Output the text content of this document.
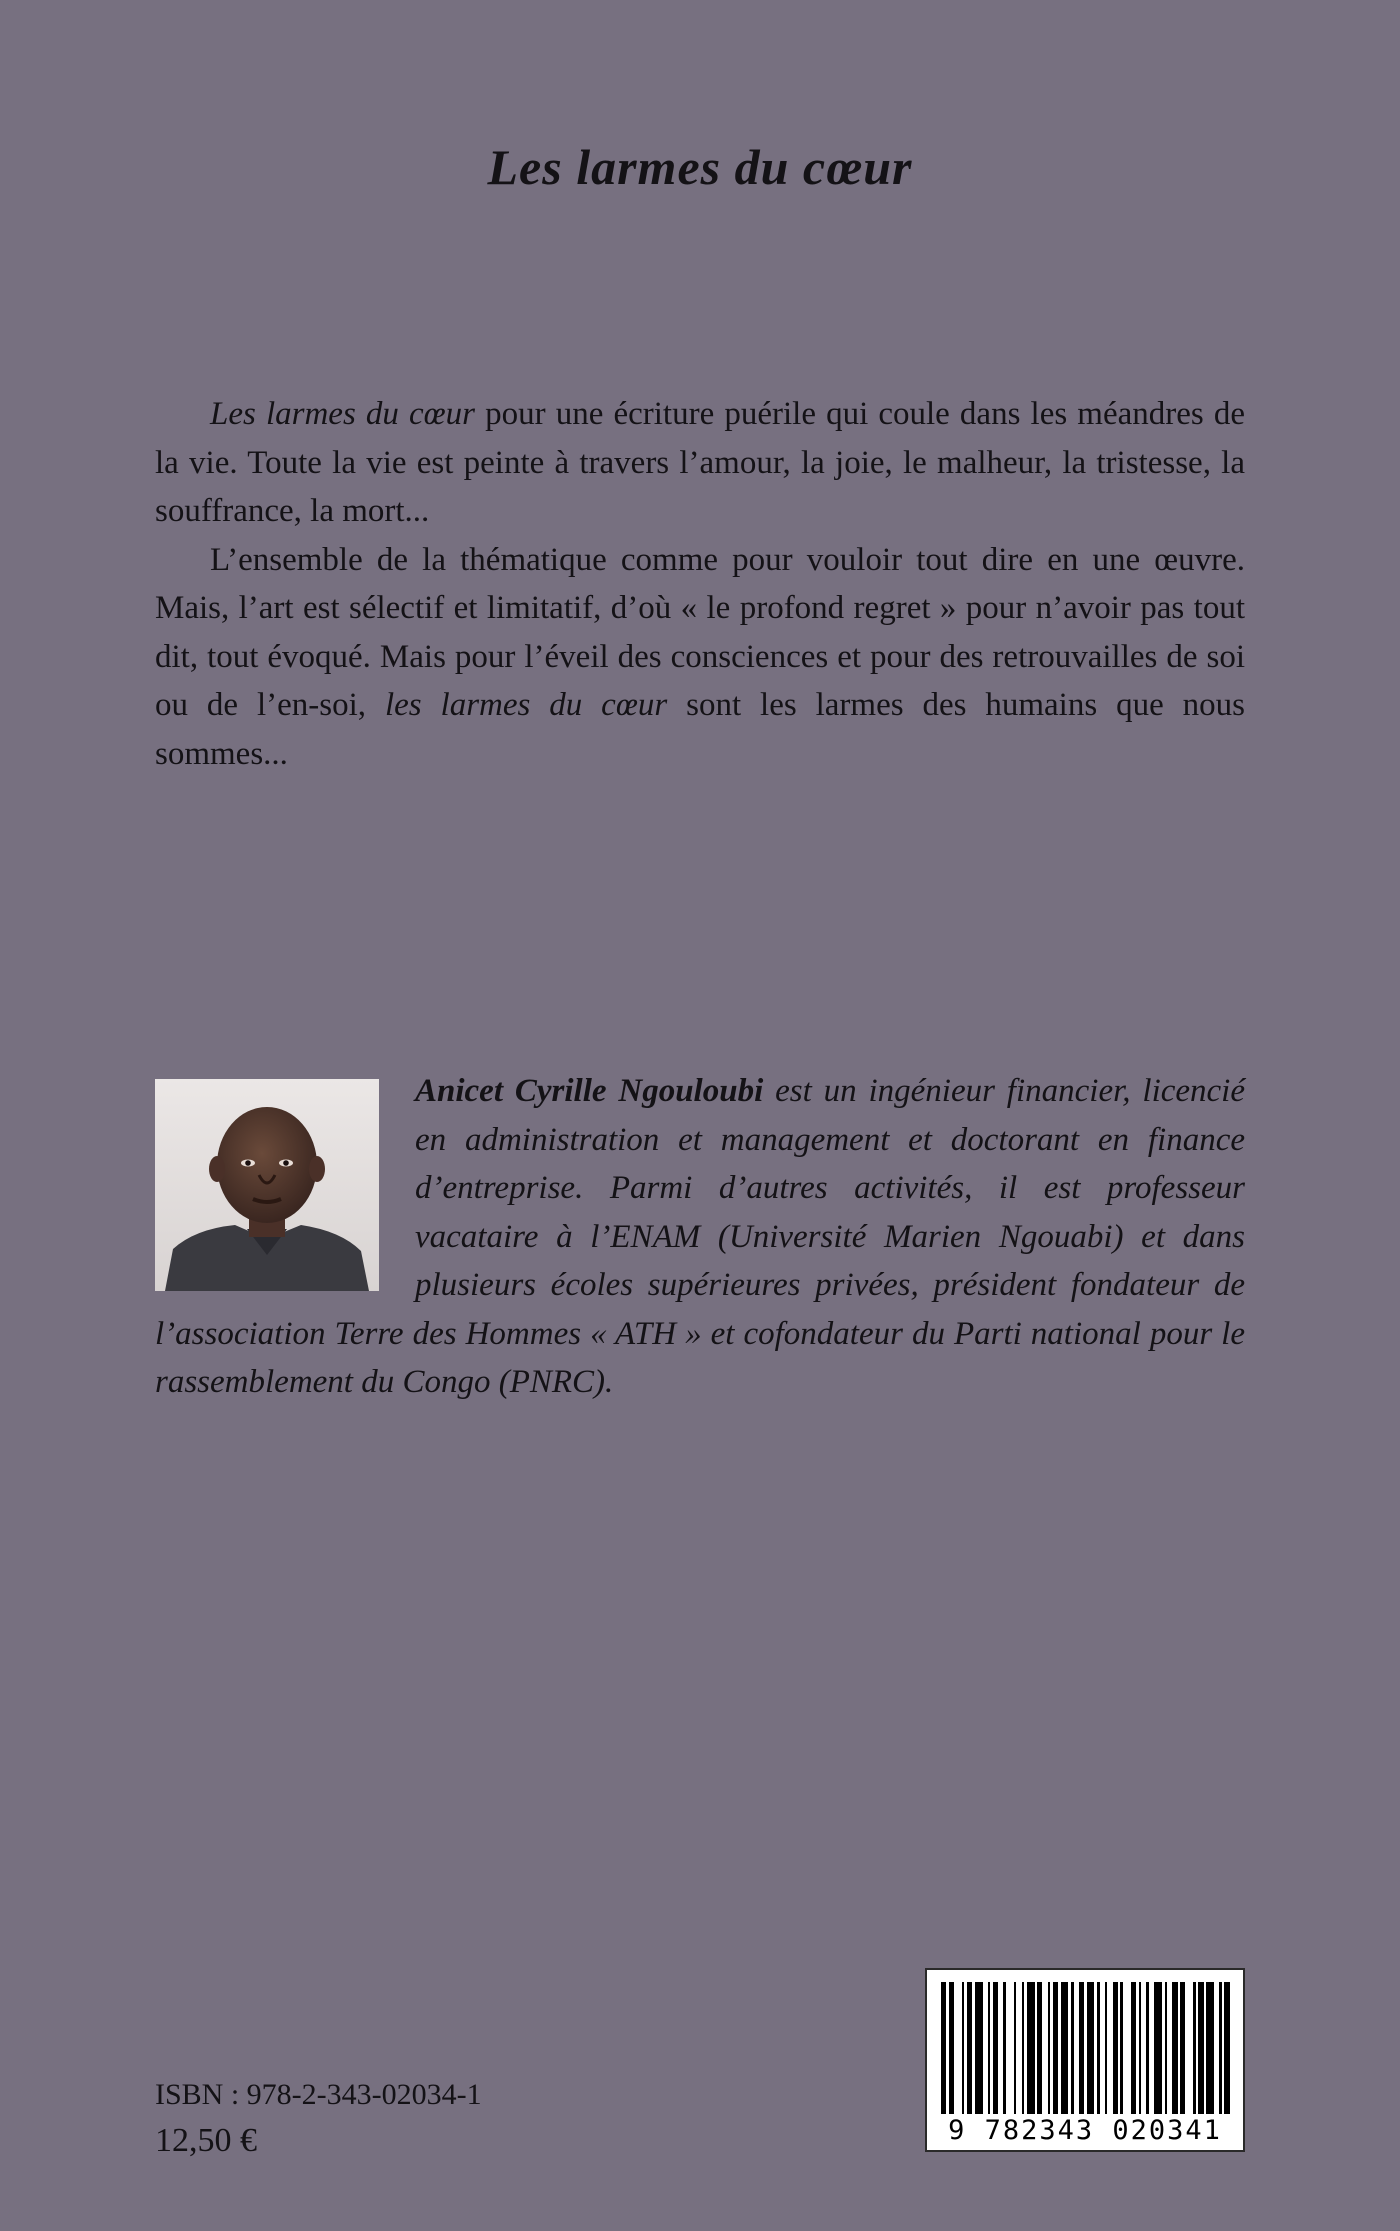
Les larmes du cœur

Les larmes du cœur pour une écriture puérile qui coule dans les méandres de la vie. Toute la vie est peinte à travers l’amour, la joie, le malheur, la tristesse, la souffrance, la mort...

L’ensemble de la thématique comme pour vouloir tout dire en une œuvre. Mais, l’art est sélectif et limitatif, d’où « le profond regret » pour n’avoir pas tout dit, tout évoqué. Mais pour l’éveil des consciences et pour des retrouvailles de soi ou de l’en-soi, les larmes du cœur sont les larmes des humains que nous sommes...

Anicet Cyrille Ngouloubi est un ingénieur financier, licencié en administration et management et doctorant en finance d’entreprise. Parmi d’autres activités, il est professeur vacataire à l’ENAM (Université Marien Ngouabi) et dans plusieurs écoles supérieures privées, président fondateur de l’association Terre des Hommes « ATH » et cofondateur du Parti national pour le rassemblement du Congo (PNRC).
9 782343 020341
ISBN : 978-2-343-02034-1
12,50 €
